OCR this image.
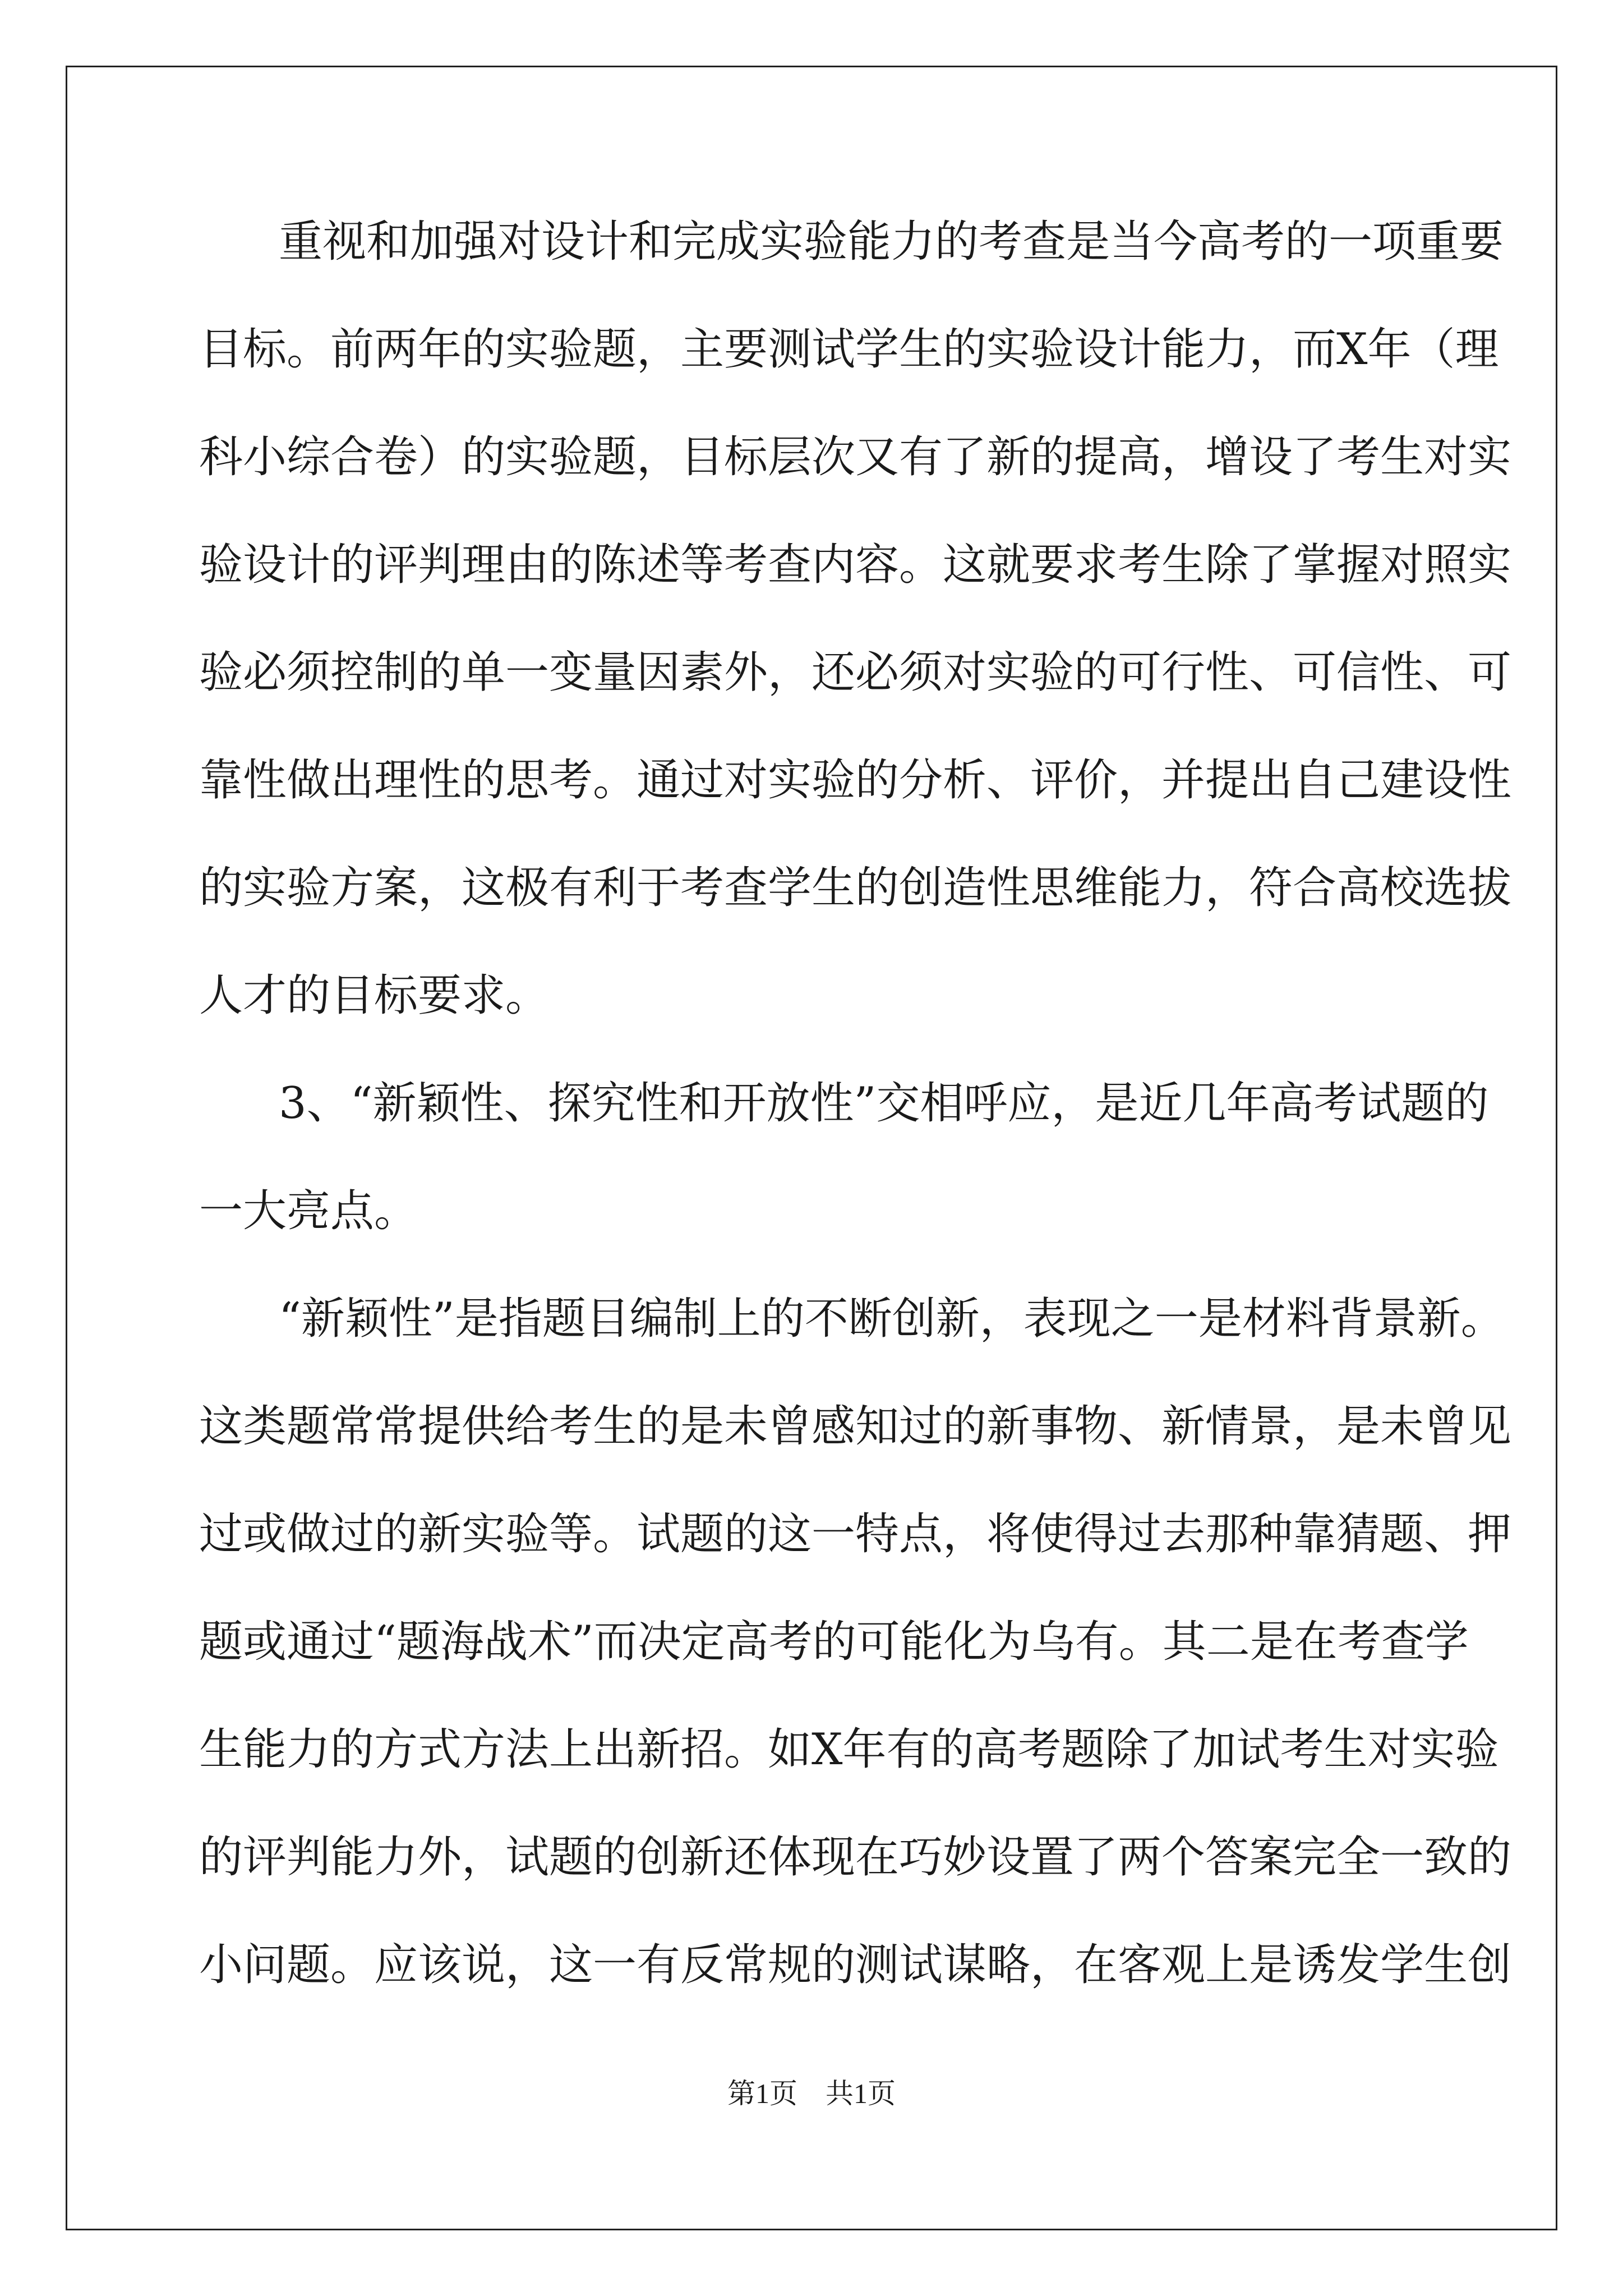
重视和加强对设计和完成实验能力的考查是当今高考的一项重要
目标。前两年的实验题，主要测试学生的实验设计能力，而X年（理
科小综合卷）的实验题，目标层次又有了新的提高，增设了考生对实
验设计的评判理由的陈述等考查内容。这就要求考生除了掌握对照实
验必须控制的单一变量因素外，还必须对实验的可行性、可信性、可
靠性做出理性的思考。通过对实验的分析、评价，并提出自己建设性
的实验方案，这极有利于考查学生的创造性思维能力，符合高校选拔
人才的目标要求。
3、“新颖性、探究性和开放性”交相呼应，是近几年高考试题的
一大亮点。
“新颖性”是指题目编制上的不断创新，表现之一是材料背景新。
这类题常常提供给考生的是未曾感知过的新事物、新情景，是未曾见
过或做过的新实验等。试题的这一特点，将使得过去那种靠猜题、押
题或通过“题海战术”而决定高考的可能化为乌有。其二是在考查学
生能力的方式方法上出新招。如X年有的高考题除了加试考生对实验
的评判能力外，试题的创新还体现在巧妙设置了两个答案完全一致的
小问题。应该说，这一有反常规的测试谋略，在客观上是诱发学生创
第1页　共1页
